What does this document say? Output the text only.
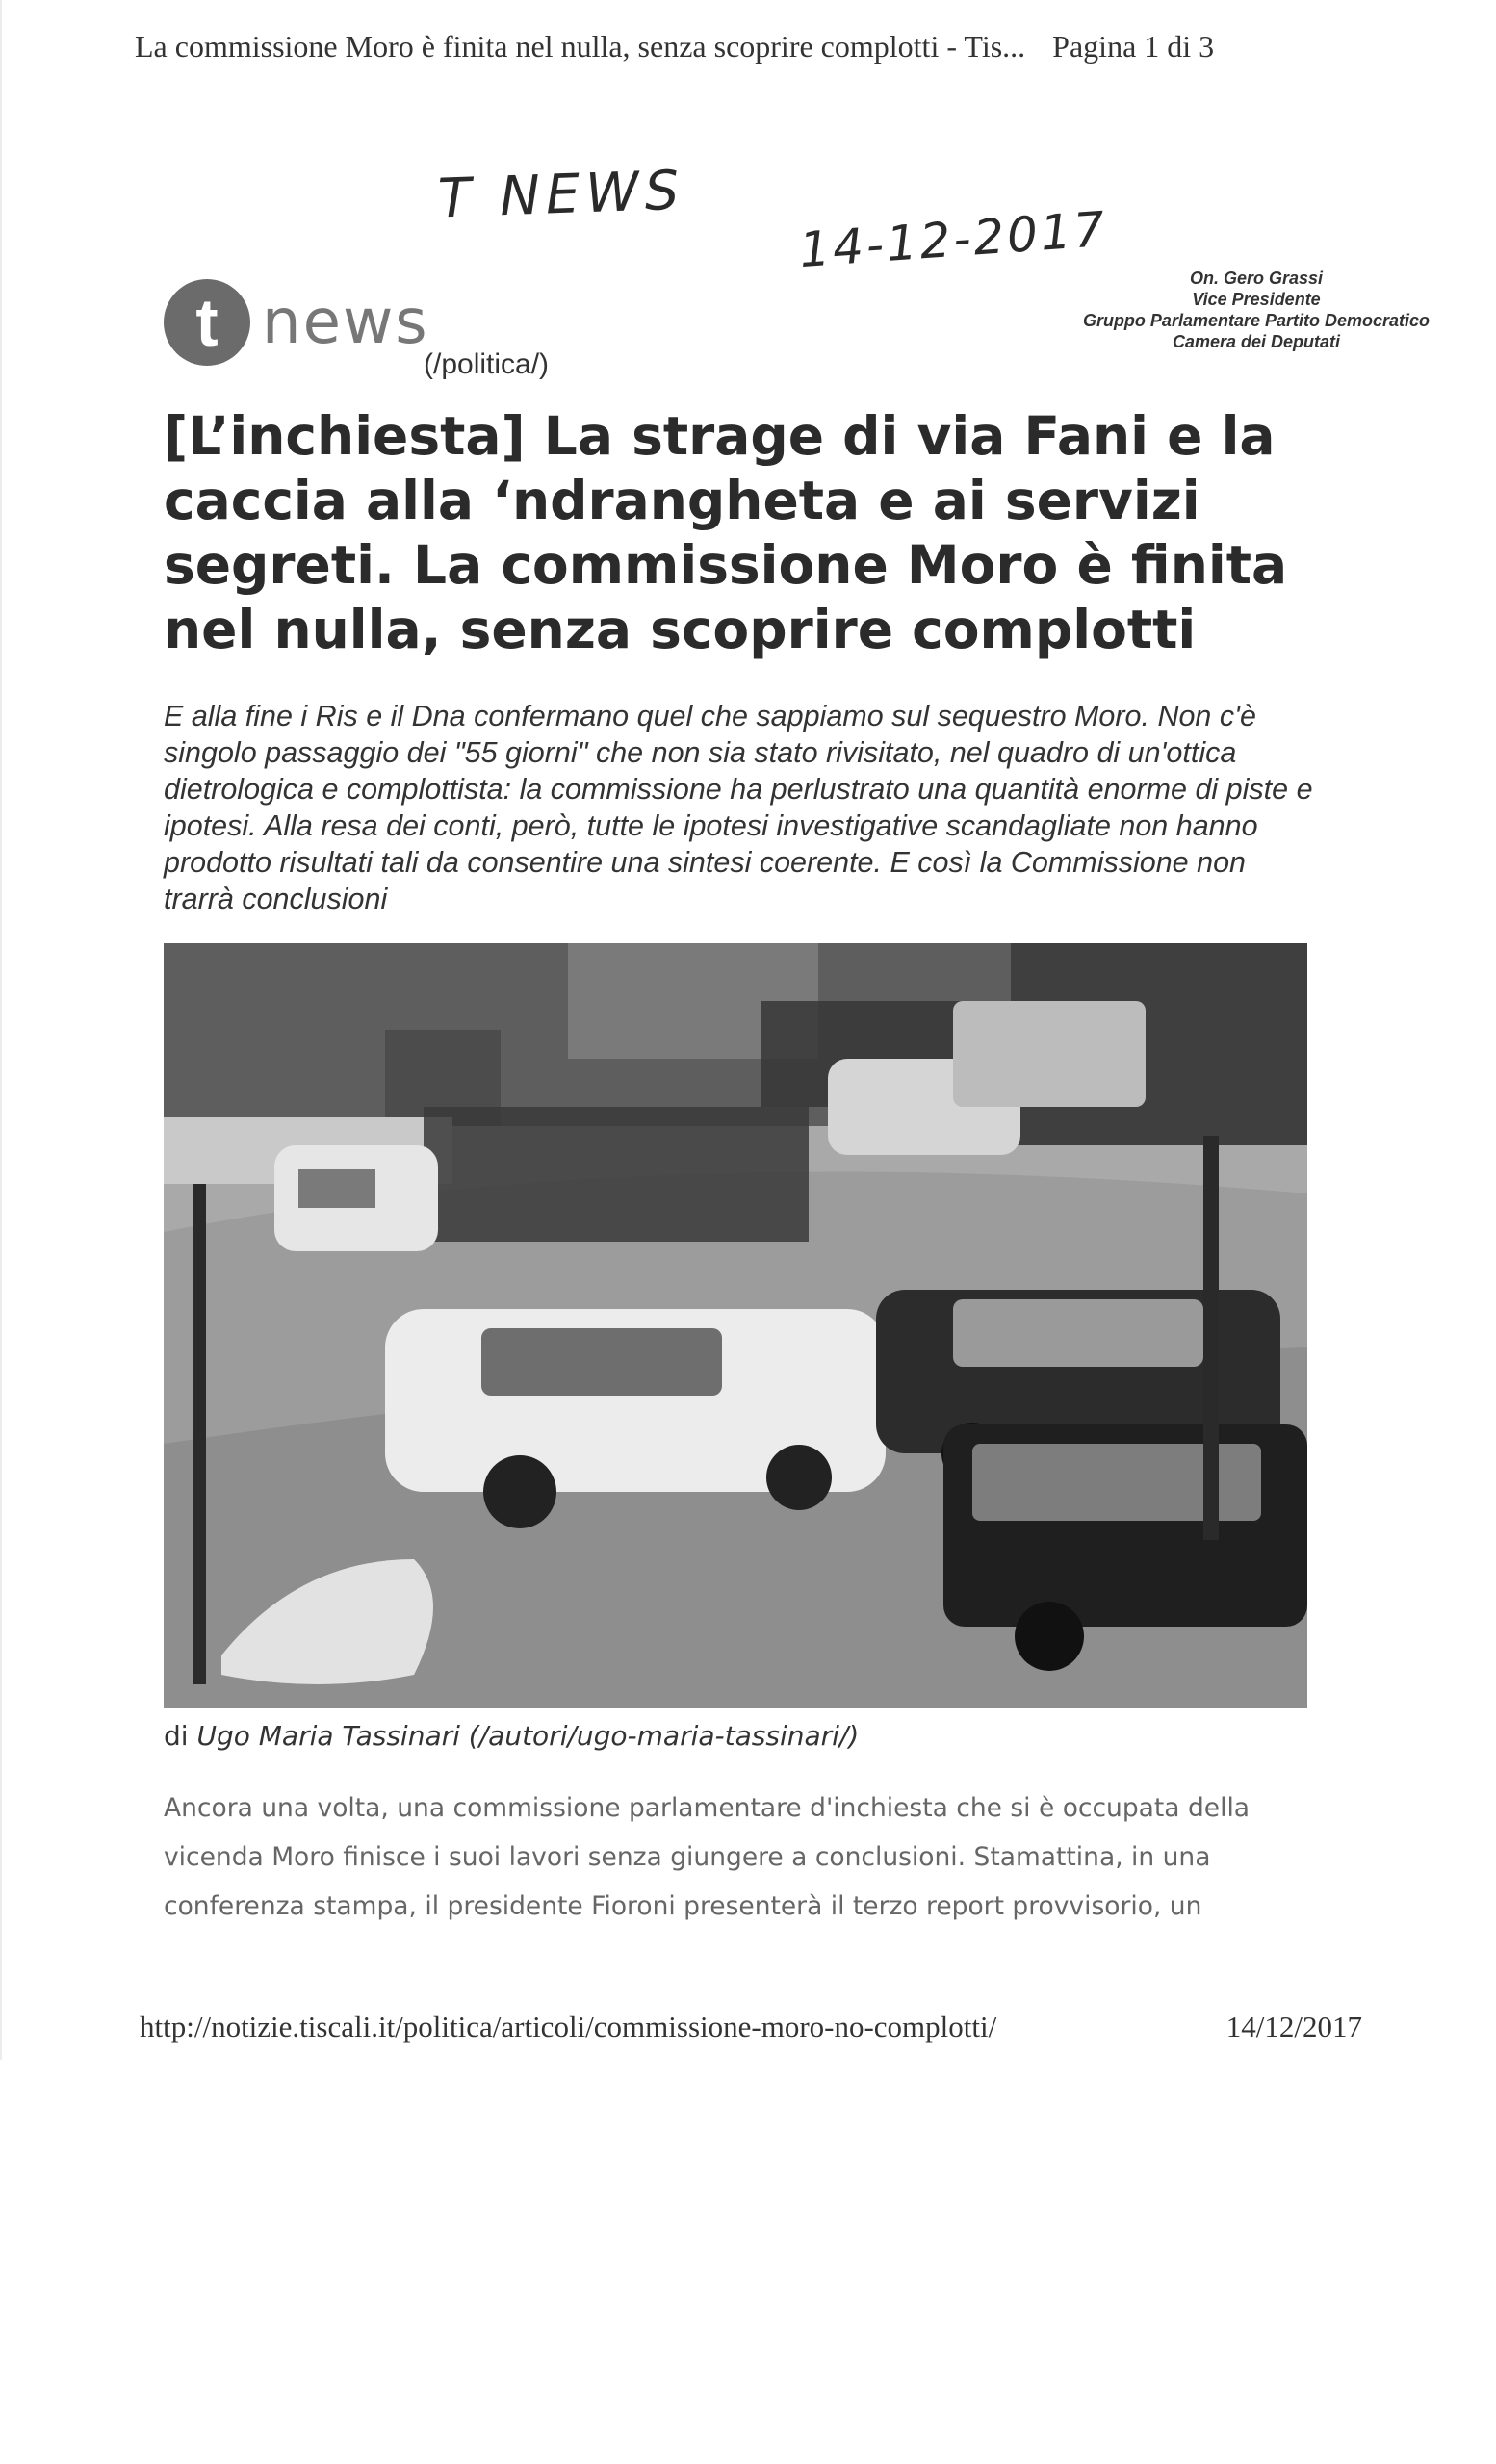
La commissione Moro è finita nel nulla, senza scoprire complotti - Tis... Pagina 1 di 3
T NEWS
14-12-2017
t news
(/politica/)
On. Gero Grassi
Vice Presidente
Gruppo Parlamentare Partito Democratico
Camera dei Deputati
[L’inchiesta] La strage di via Fani e la caccia alla ‘ndrangheta e ai servizi segreti. La commissione Moro è finita nel nulla, senza scoprire complotti

E alla fine i Ris e il Dna confermano quel che sappiamo sul sequestro Moro. Non c'è singolo passaggio dei "55 giorni" che non sia stato rivisitato, nel quadro di un'ottica dietrologica e complottista: la commissione ha perlustrato una quantità enorme di piste e ipotesi. Alla resa dei conti, però, tutte le ipotesi investigative scandagliate non hanno prodotto risultati tali da consentire una sintesi coerente. E così la Commissione non trarrà conclusioni

di Ugo Maria Tassinari (/autori/ugo-maria-tassinari/)

Ancora una volta, una commissione parlamentare d'inchiesta che si è occupata della vicenda Moro finisce i suoi lavori senza giungere a conclusioni. Stamattina, in una conferenza stampa, il presidente Fioroni presenterà il terzo report provvisorio, un

http://notizie.tiscali.it/politica/articoli/commissione-moro-no-complotti/	14/12/2017
